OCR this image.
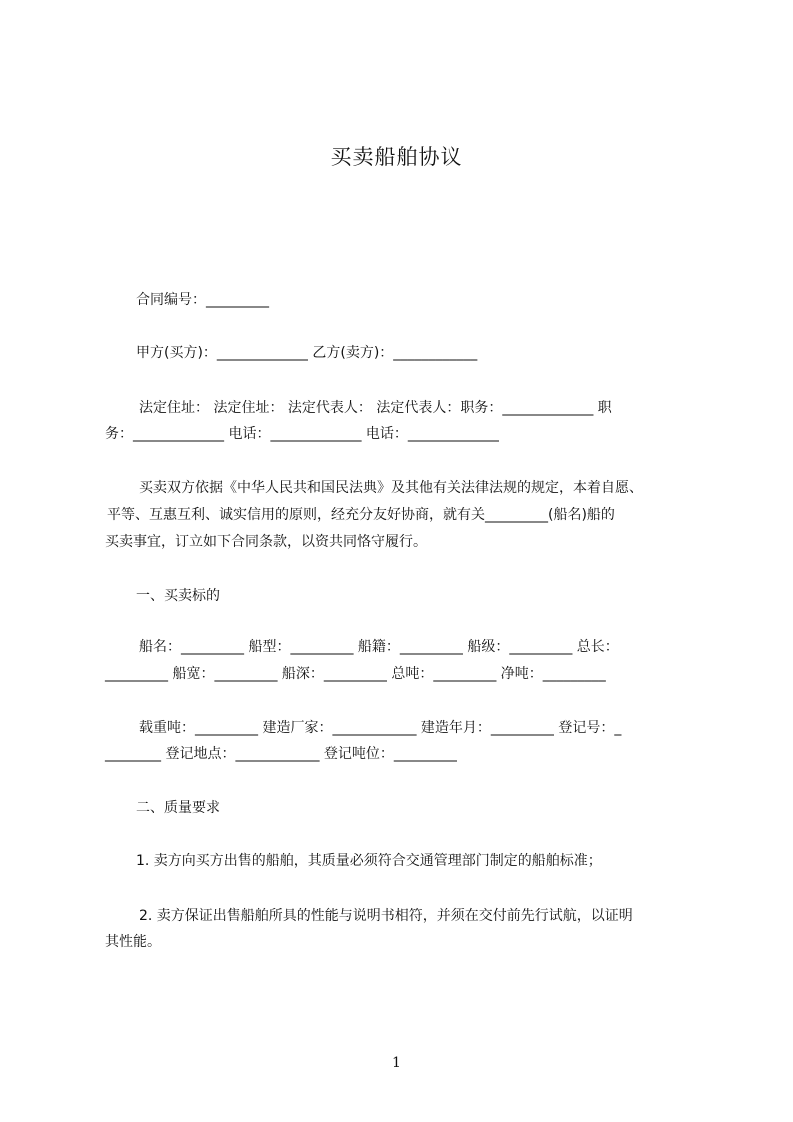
买卖船舶协议

合同编号：_________

甲方(买方)：_____________ 乙方(卖方)：____________

法定住址： 法定住址： 法定代表人： 法定代表人：职务：_____________ 职

务：_____________ 电话：_____________ 电话：_____________

买卖双方依据《中华人民共和国民法典》及其他有关法律法规的规定，本着自愿、

平等、互惠互利、诚实信用的原则，经充分友好协商，就有关_________(船名)船的

买卖事宜，订立如下合同条款，以资共同恪守履行。

一、买卖标的

船名：_________ 船型：_________ 船籍：_________ 船级：_________ 总长：

_________ 船宽：_________ 船深：_________ 总吨：_________ 净吨：_________

载重吨：_________ 建造厂家：____________ 建造年月：_________ 登记号：_

________ 登记地点：____________ 登记吨位：_________

二、质量要求

1. 卖方向买方出售的船舶，其质量必须符合交通管理部门制定的船舶标准；

2. 卖方保证出售船舶所具的性能与说明书相符，并须在交付前先行试航，以证明

其性能。

1
